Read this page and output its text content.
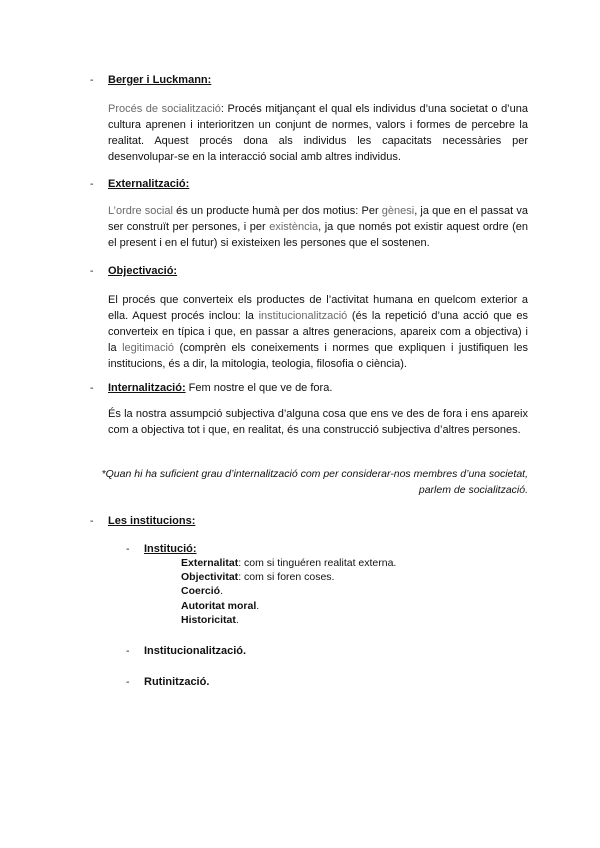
- Berger i Luckmann:
Procés de socialització: Procés mitjançant el qual els individus d’una societat o d’una cultura aprenen i interioritzen un conjunt de normes, valors i formes de percebre la realitat. Aquest procés dona als individus les capacitats necessàries per desenvolupar-se en la interacció social amb altres individus.
- Externalització:
L’ordre social és un producte humà per dos motius: Per gènesi, ja que en el passat va ser construït per persones, i per existència, ja que només pot existir aquest ordre (en el present i en el futur) si existeixen les persones que el sostenen.
- Objectivació:
El procés que converteix els productes de l’activitat humana en quelcom exterior a ella. Aquest procés inclou: la institucionalització (és la repetició d’una acció que es converteix en típica i que, en passar a altres generacions, apareix com a objectiva) i la legitimació (comprèn els coneixements i normes que expliquen i justifiquen les institucions, és a dir, la mitologia, teologia, filosofia o ciència).
- Internalització: Fem nostre el que ve de fora.
És la nostra assumpció subjectiva d’alguna cosa que ens ve des de fora i ens apareix com a objectiva tot i que, en realitat, és una construcció subjectiva d’altres persones.
*Quan hi ha suficient grau d’internalització com per considerar-nos membres d’una societat,
parlem de socialització.
- Les institucions:
- Institució:
Externalitat: com si tinguéren realitat externa.
Objectivitat: com si foren coses.
Coerció.
Autoritat moral.
Historicitat.
- Institucionalització.
- Rutinització.
